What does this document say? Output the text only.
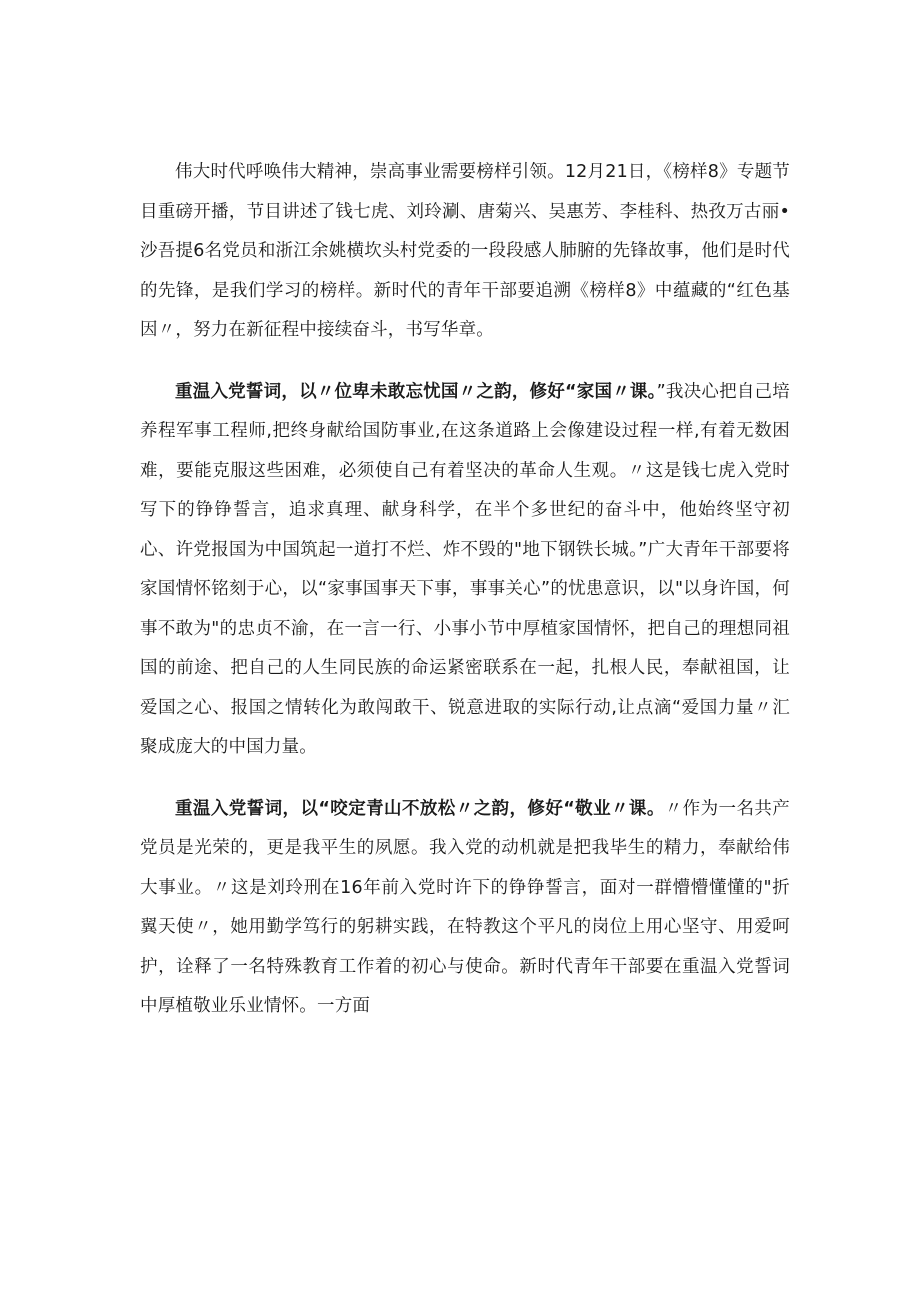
伟大时代呼唤伟大精神，崇高事业需要榜样引领。12月21日，《榜样8》专题节目重磅开播，节目讲述了钱七虎、刘玲涮、唐菊兴、吴惠芳、李桂科、热孜万古丽•沙吾提6名党员和浙江余姚横坎头村党委的一段段感人肺腑的先锋故事，他们是时代的先锋，是我们学习的榜样。新时代的青年干部要追溯《榜样8》中蕴藏的“红色基因〃，努力在新征程中接续奋斗，书写华章。

重温入党誓词，以〃位卑未敢忘忧国〃之韵，修好“家国〃课。”我决心把自己培养程军事工程师,把终身献给国防事业,在这条道路上会像建设过程一样,有着无数困难，要能克服这些困难，必须使自己有着坚决的革命人生观。〃这是钱七虎入党时写下的铮铮誓言，追求真理、献身科学，在半个多世纪的奋斗中，他始终坚守初心、许党报国为中国筑起一道打不烂、炸不毁的"地下钢铁长城。”广大青年干部要将家国情怀铭刻于心，以“家事国事天下事，事事关心”的忧患意识，以"以身许国，何事不敢为"的忠贞不渝，在一言一行、小事小节中厚植家国情怀，把自己的理想同祖国的前途、把自己的人生同民族的命运紧密联系在一起，扎根人民，奉献祖国，让爱国之心、报国之情转化为敢闯敢干、锐意进取的实际行动,让点滴“爱国力量〃汇聚成庞大的中国力量。

重温入党誓词，以“咬定青山不放松〃之韵，修好“敬业〃课。〃作为一名共产党员是光荣的，更是我平生的夙愿。我入党的动机就是把我毕生的精力，奉献给伟大事业。〃这是刘玲刑在16年前入党时许下的铮铮誓言，面对一群懵懵懂懂的"折翼天使〃，她用勤学笃行的躬耕实践，在特教这个平凡的岗位上用心坚守、用爱呵护，诠释了一名特殊教育工作着的初心与使命。新时代青年干部要在重温入党誓词中厚植敬业乐业情怀。一方面
